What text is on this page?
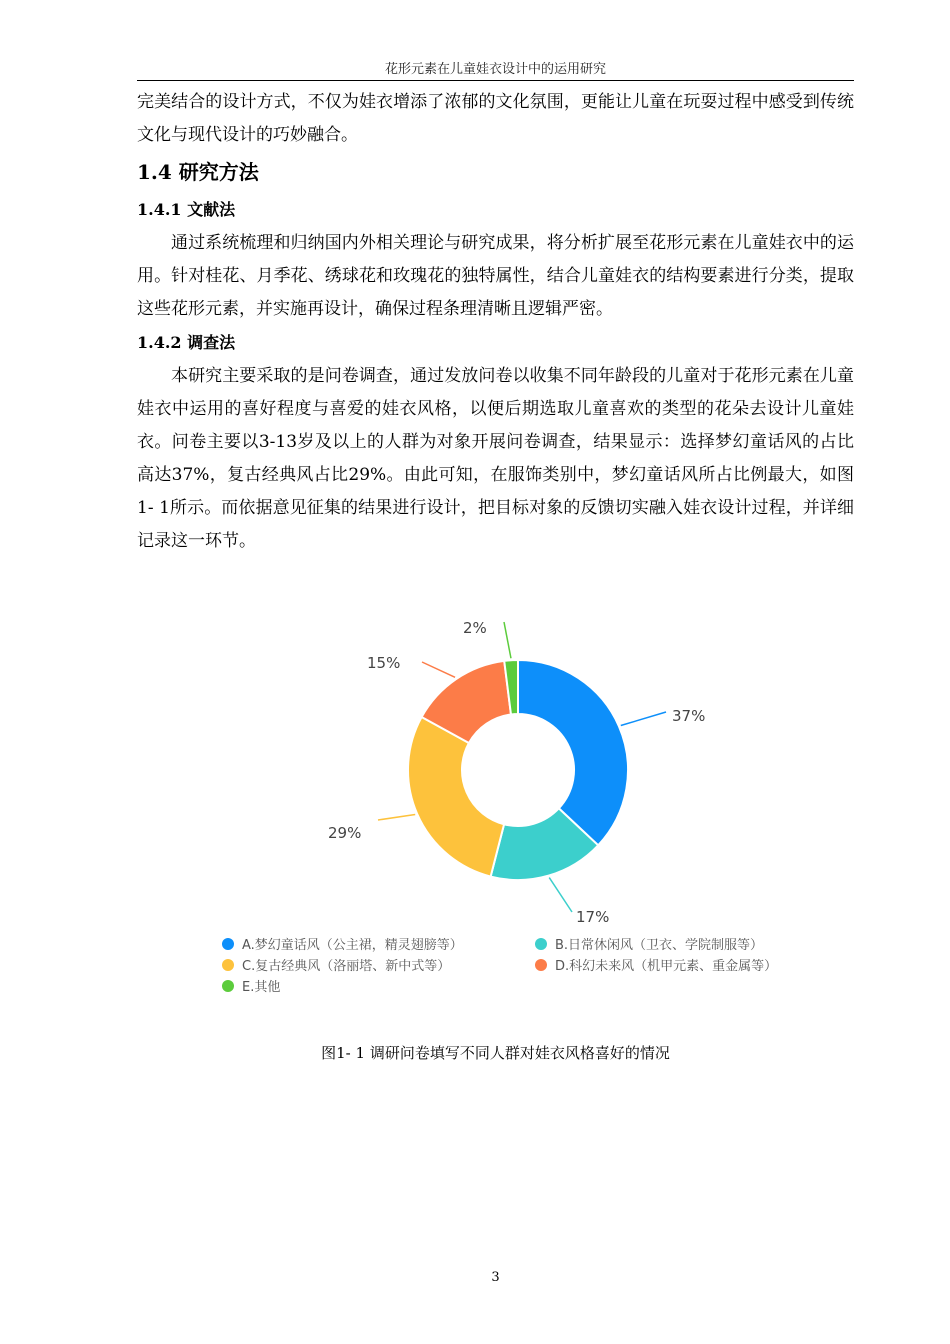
花形元素在儿童娃衣设计中的运用研究

完美结合的设计方式，不仅为娃衣增添了浓郁的文化氛围，更能让儿童在玩耍过程中感受到传统文化与现代设计的巧妙融合。

1.4 研究方法
1.4.1 文献法

通过系统梳理和归纳国内外相关理论与研究成果，将分析扩展至花形元素在儿童娃衣中的运用。针对桂花、月季花、绣球花和玫瑰花的独特属性，结合儿童娃衣的结构要素进行分类，提取这些花形元素，并实施再设计，确保过程条理清晰且逻辑严密。

1.4.2 调查法

本研究主要采取的是问卷调查，通过发放问卷以收集不同年龄段的儿童对于花形元素在儿童娃衣中运用的喜好程度与喜爱的娃衣风格，以便后期选取儿童喜欢的类型的花朵去设计儿童娃衣。问卷主要以3-13岁及以上的人群为对象开展问卷调查，结果显示：选择梦幻童话风的占比高达37%，复古经典风占比29%。由此可知，在服饰类别中，梦幻童话风所占比例最大，如图1- 1所示。而依据意见征集的结果进行设计，把目标对象的反馈切实融入娃衣设计过程，并详细记录这一环节。

37%
17%
29%
15%
2%
A.梦幻童话风（公主裙，精灵翅膀等）	B.日常休闲风（卫衣、学院制服等）
C.复古经典风（洛丽塔、新中式等）	D.科幻未来风（机甲元素、重金属等）
E.其他
图1- 1 调研问卷填写不同人群对娃衣风格喜好的情况
3
